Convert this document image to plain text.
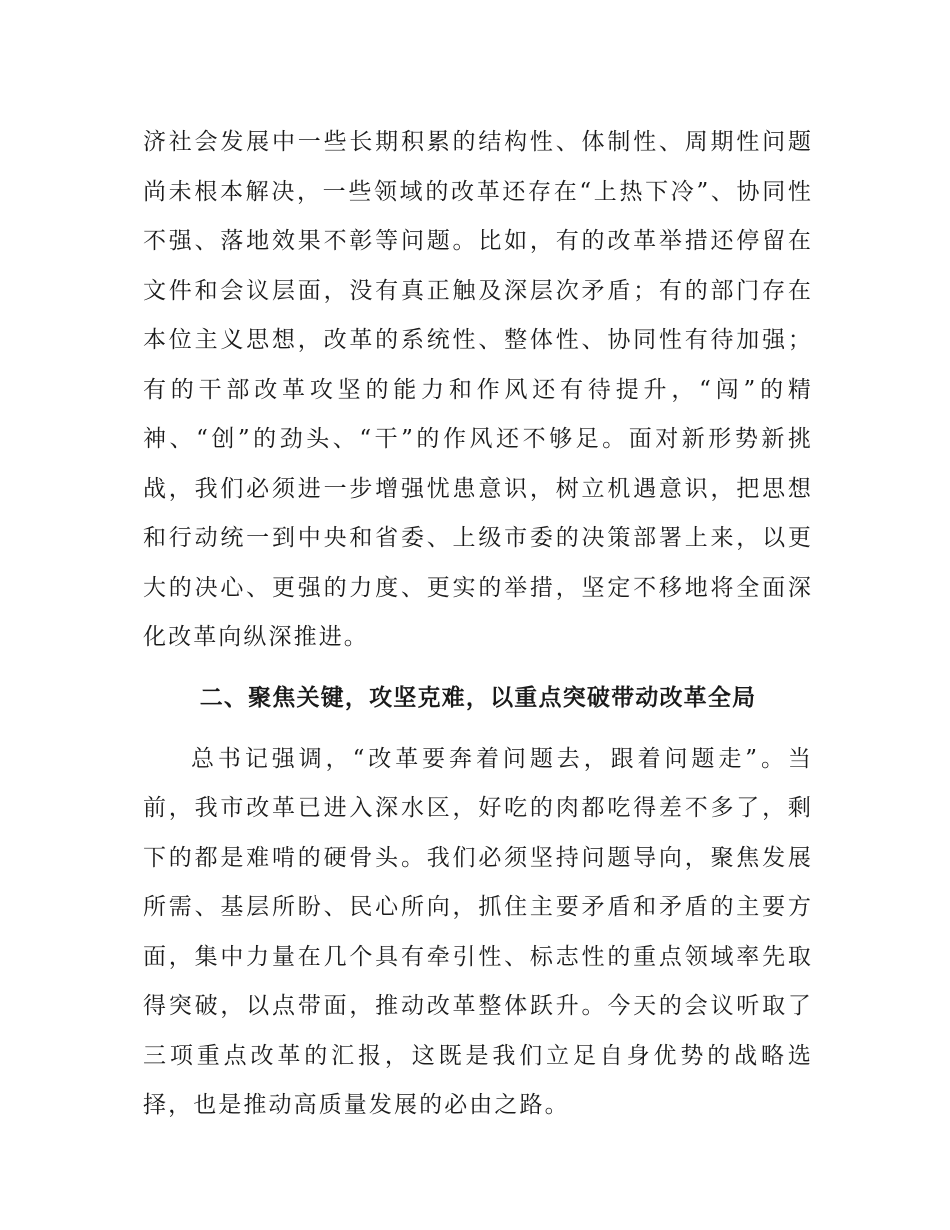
济社会发展中一些长期积累的结构性、体制性、周期性问题尚未根本解决，一些领域的改革还存在“上热下冷”、协同性不强、落地效果不彰等问题。比如，有的改革举措还停留在文件和会议层面，没有真正触及深层次矛盾；有的部门存在本位主义思想，改革的系统性、整体性、协同性有待加强；有的干部改革攻坚的能力和作风还有待提升，“闯”的精神、“创”的劲头、“干”的作风还不够足。面对新形势新挑战，我们必须进一步增强忧患意识，树立机遇意识，把思想和行动统一到中央和省委、上级市委的决策部署上来，以更大的决心、更强的力度、更实的举措，坚定不移地将全面深化改革向纵深推进。

二、聚焦关键，攻坚克难，以重点突破带动改革全局

总书记强调，“改革要奔着问题去，跟着问题走”。当前，我市改革已进入深水区，好吃的肉都吃得差不多了，剩下的都是难啃的硬骨头。我们必须坚持问题导向，聚焦发展所需、基层所盼、民心所向，抓住主要矛盾和矛盾的主要方面，集中力量在几个具有牵引性、标志性的重点领域率先取得突破，以点带面，推动改革整体跃升。今天的会议听取了三项重点改革的汇报，这既是我们立足自身优势的战略选择，也是推动高质量发展的必由之路。
